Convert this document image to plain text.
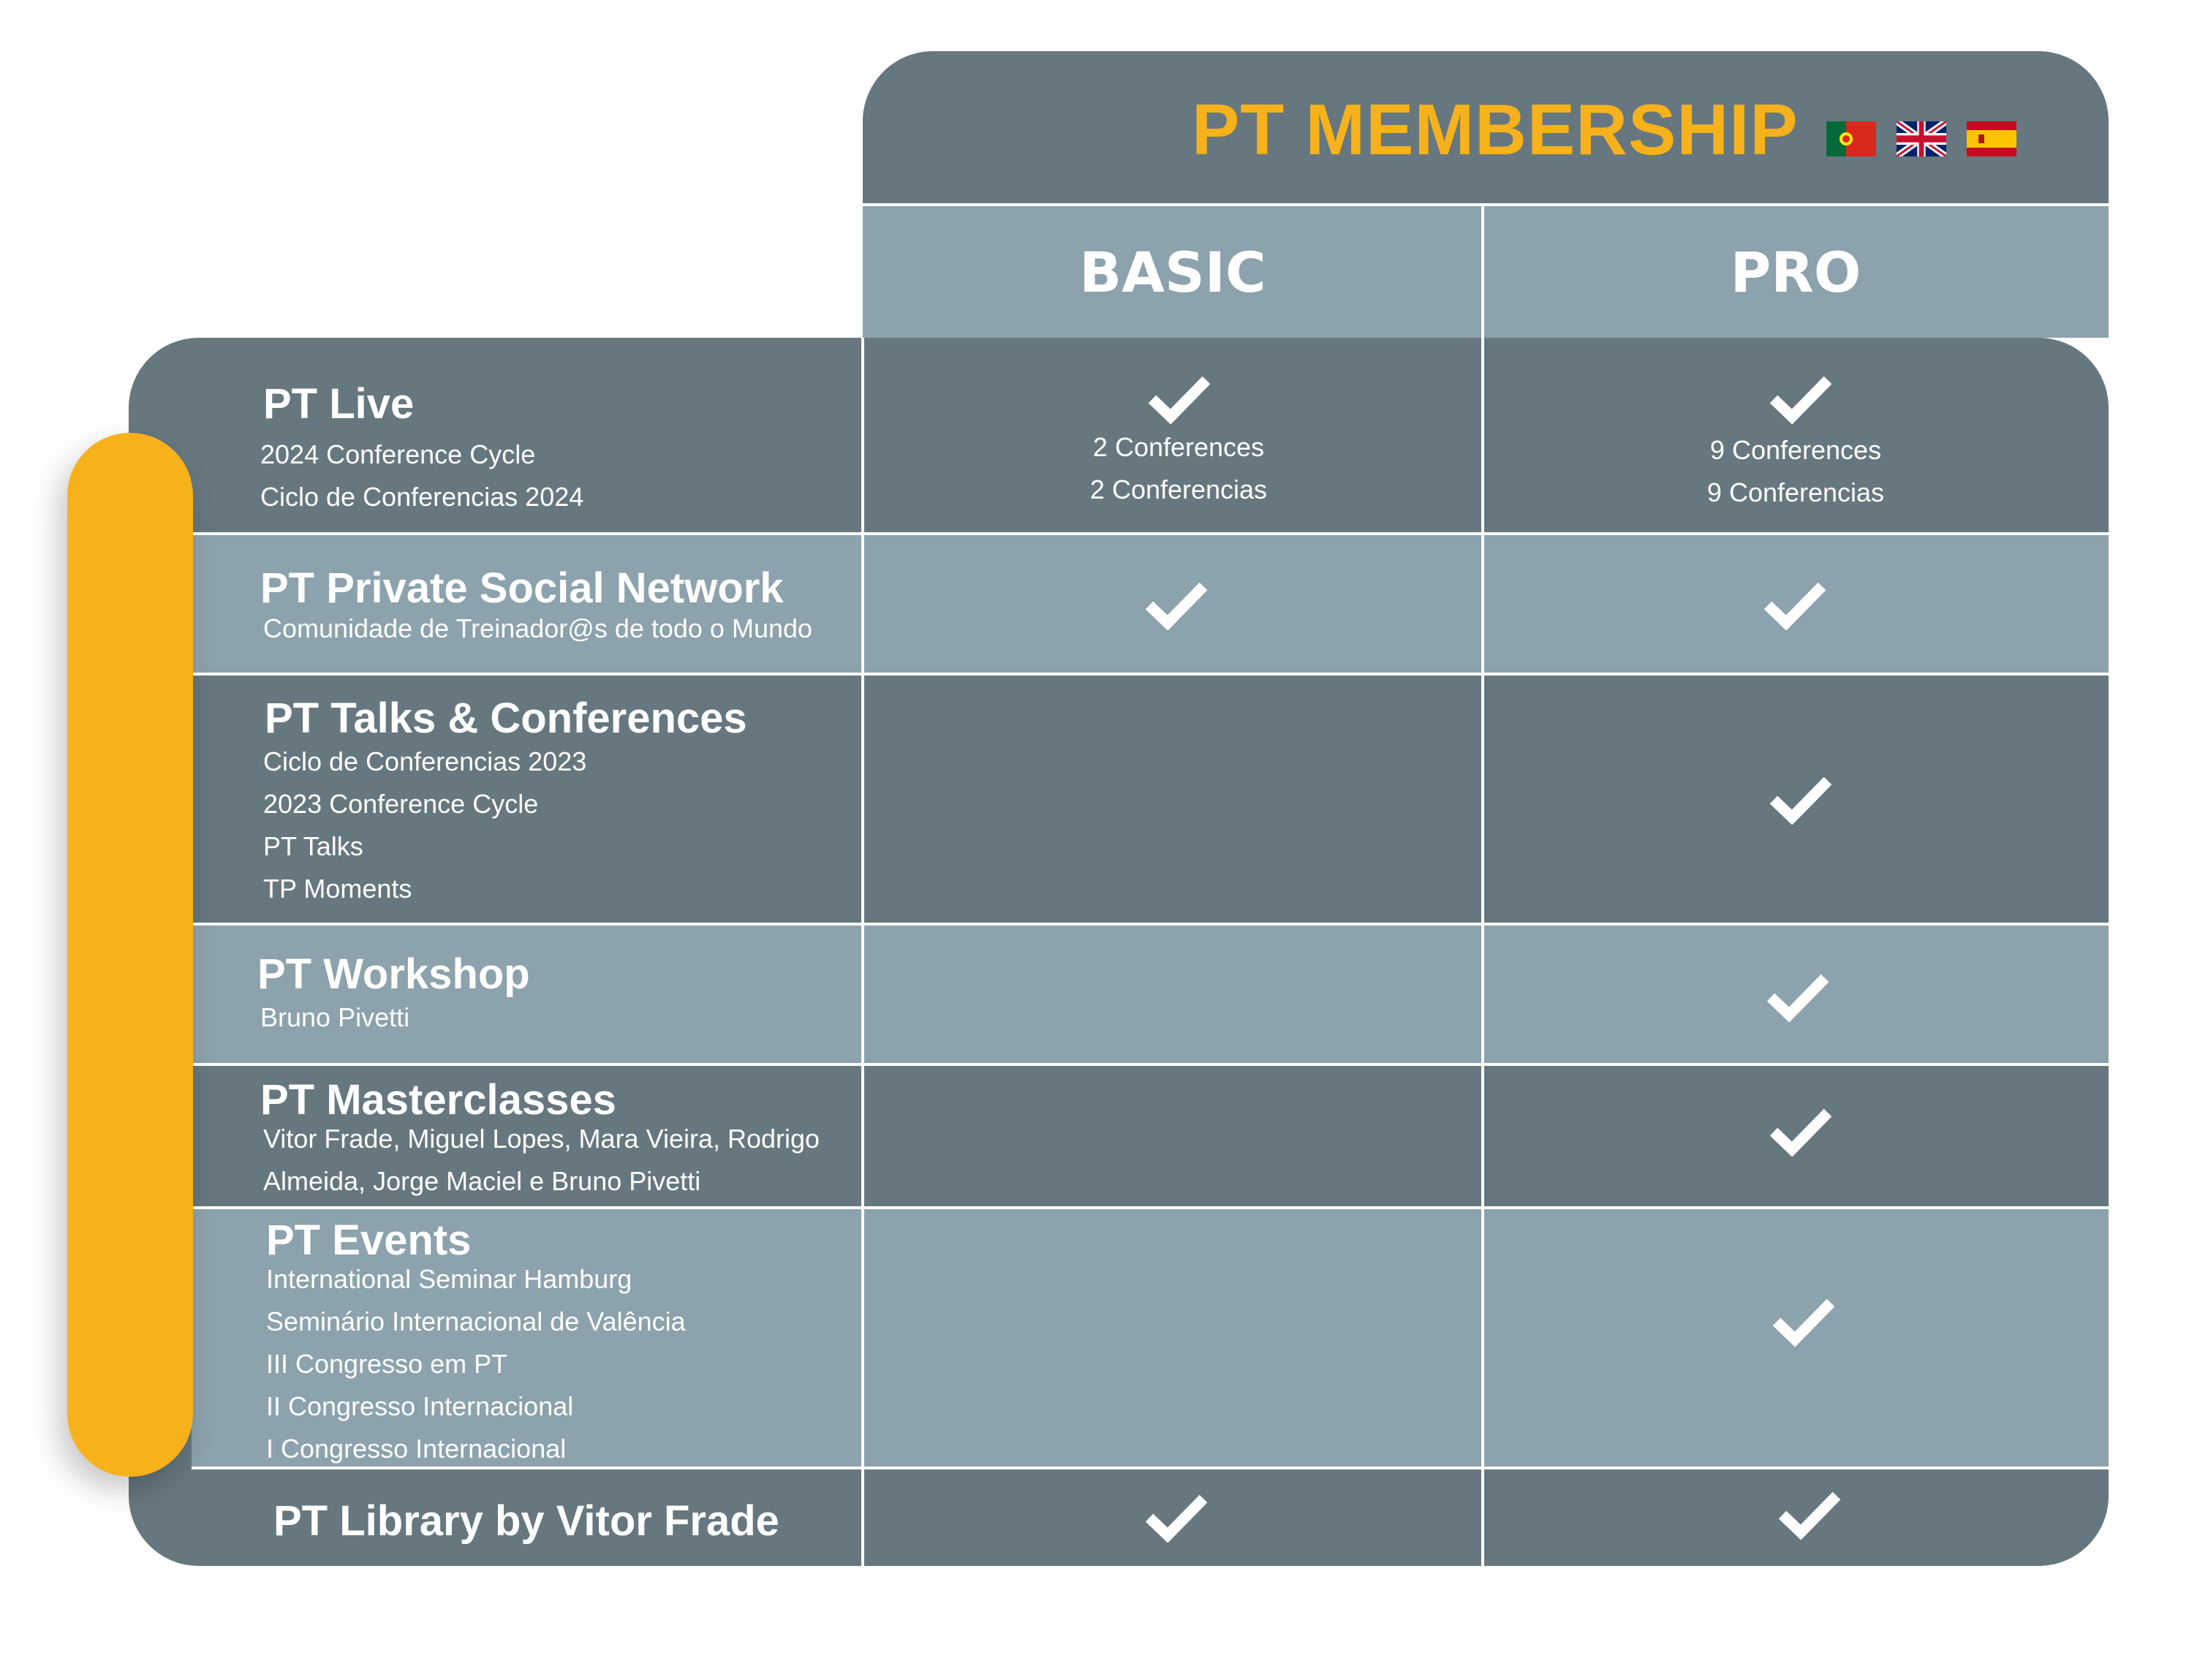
PT MEMBERSHIP
BASIC	PRO
PT Live
2024 Conference Cycle
Ciclo de Conferencias 2024
2 Conferences
2 Conferencias
9 Conferences
9 Conferencias
PT Private Social Network
Comunidade de Treinador@s de todo o Mundo
PT Talks & Conferences
Ciclo de Conferencias 2023
2023 Conference Cycle
PT Talks
TP Moments
PT Workshop
Bruno Pivetti
PT Masterclasses
Vitor Frade, Miguel Lopes, Mara Vieira, Rodrigo
Almeida, Jorge Maciel e Bruno Pivetti
PT Events
International Seminar Hamburg
Seminário Internacional de Valência
III Congresso em PT
II Congresso Internacional
I Congresso Internacional
PT Library by Vitor Frade
